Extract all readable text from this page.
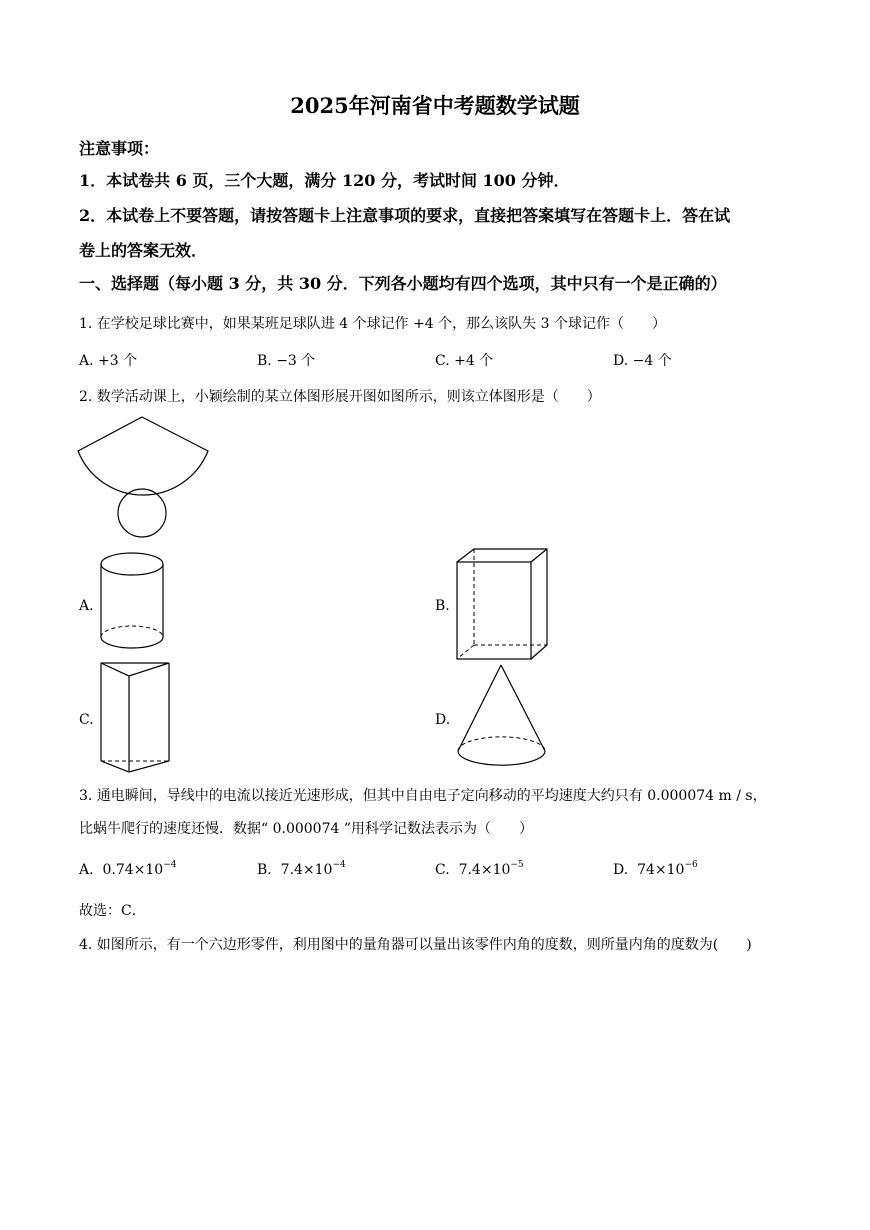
2025年河南省中考题数学试题
注意事项：
1．本试卷共 6 页，三个大题，满分 120 分，考试时间 100 分钟．
2．本试卷上不要答题，请按答题卡上注意事项的要求，直接把答案填写在答题卡上．答在试
卷上的答案无效．
一、选择题（每小题 3 分，共 30 分．下列各小题均有四个选项，其中只有一个是正确的）
1. 在学校足球比赛中，如果某班足球队进 4 个球记作 +4 个，那么该队失 3 个球记作（　　）
A. +3 个	B. −3 个	C. +4 个	D. −4 个
2. 数学活动课上，小颖绘制的某立体图形展开图如图所示，则该立体图形是（　　）
A.	B.
C.	D.
3. 通电瞬间，导线中的电流以接近光速形成，但其中自由电子定向移动的平均速度大约只有 0.000074 m / s，
比蜗牛爬行的速度还慢．数据“ 0.000074 ”用科学记数法表示为（　　）
A. $0.74\times 10^{-4}$	B. $7.4\times 10^{-4}$	C. $7.4\times 10^{-5}$	D. $74\times 10^{-6}$
故选：C．
4. 如图所示，有一个六边形零件，利用图中的量角器可以量出该零件内角的度数，则所量内角的度数为(　　)
